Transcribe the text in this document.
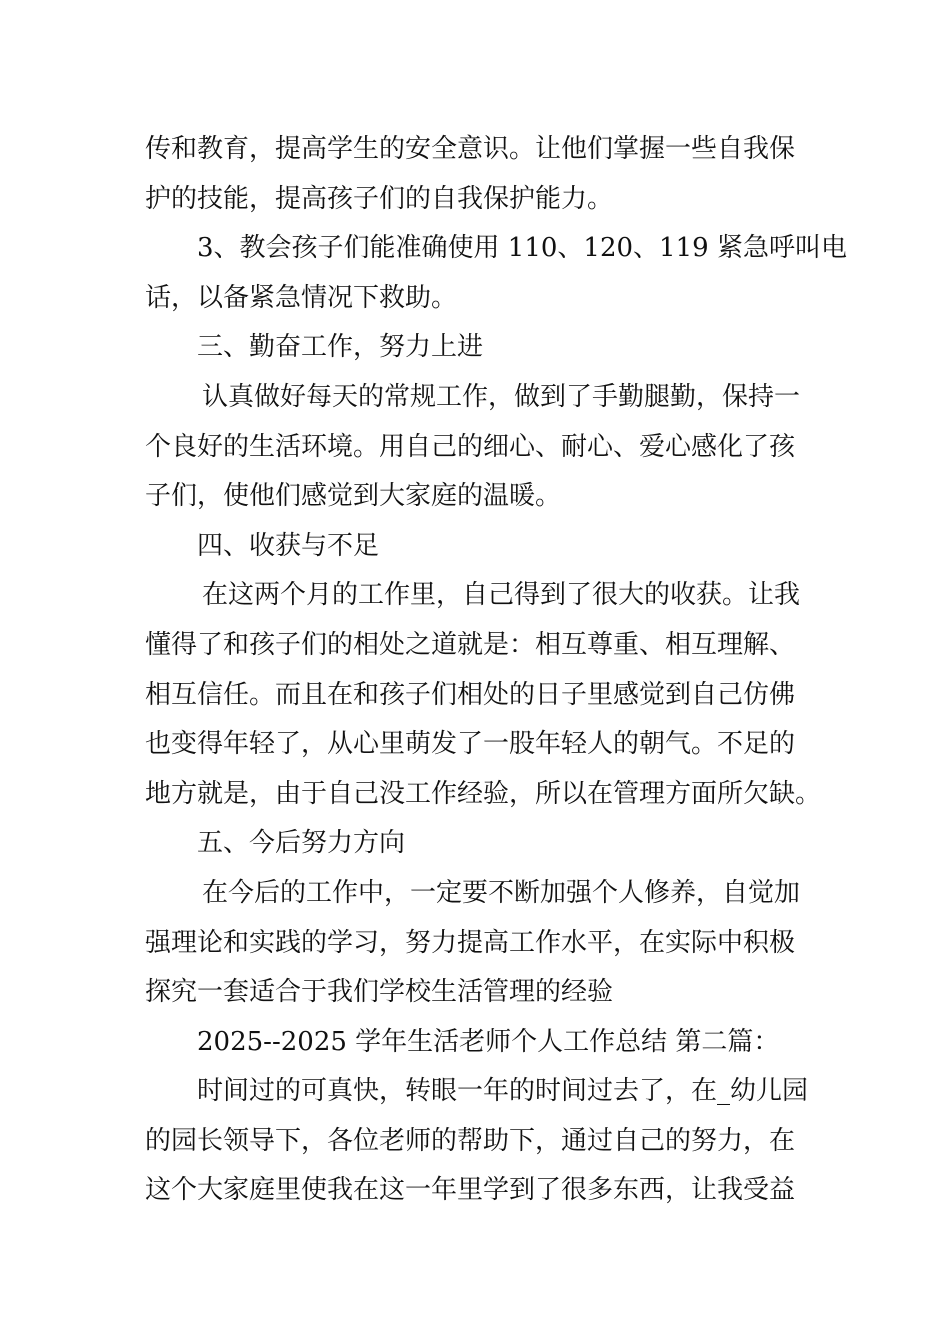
传和教育，提高学生的安全意识。让他们掌握一些自我保
护的技能，提高孩子们的自我保护能力。
3、教会孩子们能准确使用 110、120、119 紧急呼叫电
话，以备紧急情况下救助。
三、勤奋工作，努力上进
认真做好每天的常规工作，做到了手勤腿勤，保持一
个良好的生活环境。用自己的细心、耐心、爱心感化了孩
子们，使他们感觉到大家庭的温暖。
四、收获与不足
在这两个月的工作里，自己得到了很大的收获。让我
懂得了和孩子们的相处之道就是：相互尊重、相互理解、
相互信任。而且在和孩子们相处的日子里感觉到自己仿佛
也变得年轻了，从心里萌发了一股年轻人的朝气。不足的
地方就是，由于自己没工作经验，所以在管理方面所欠缺。
五、今后努力方向
在今后的工作中，一定要不断加强个人修养，自觉加
强理论和实践的学习，努力提高工作水平，在实际中积极
探究一套适合于我们学校生活管理的经验
2025--2025 学年生活老师个人工作总结 第二篇：
时间过的可真快，转眼一年的时间过去了，在_幼儿园
的园长领导下，各位老师的帮助下，通过自己的努力，在
这个大家庭里使我在这一年里学到了很多东西，让我受益
